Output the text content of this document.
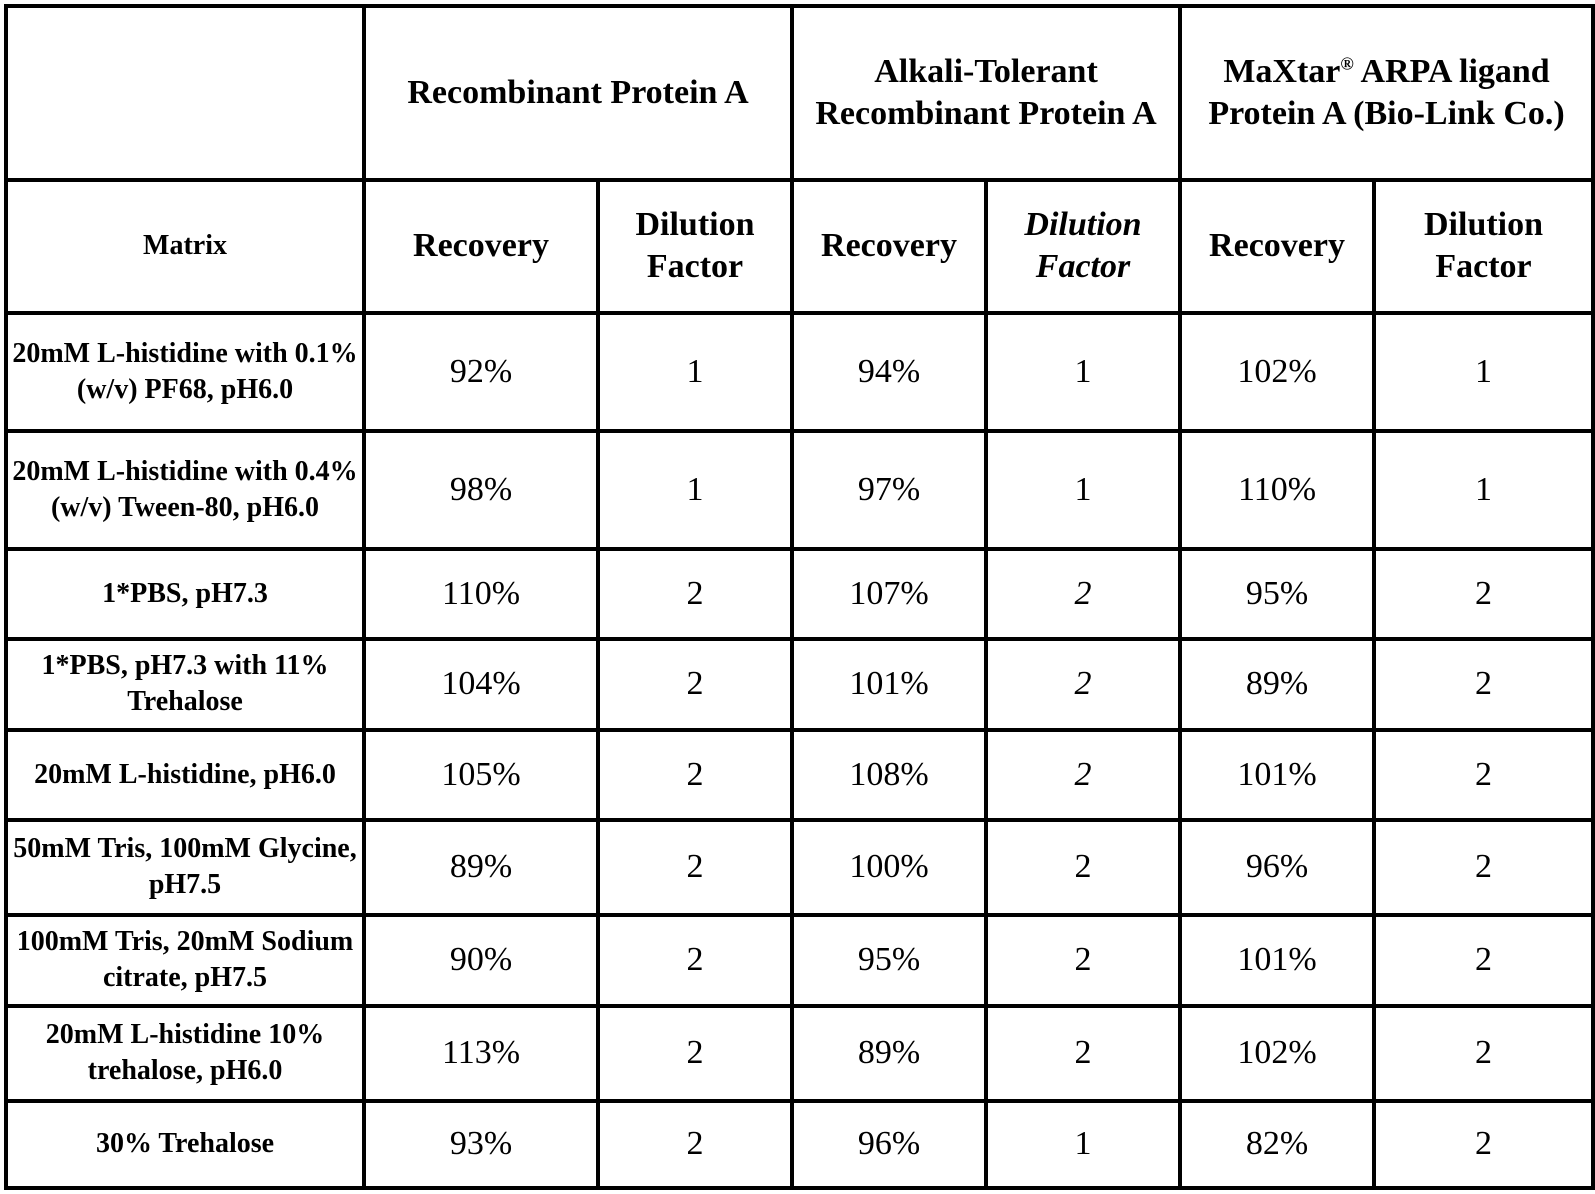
	Recombinant Protein A		Alkali-Tolerant Recombinant Protein A		MaXtar® ARPA ligand Protein A (Bio-Link Co.)	
Matrix	Recovery	Dilution Factor	Recovery	Dilution Factor	Recovery	Dilution Factor
20mM L-histidine with 0.1% (w/v) PF68, pH6.0	92%	1	94%	1	102%	1
20mM L-histidine with 0.4% (w/v) Tween-80, pH6.0	98%	1	97%	1	110%	1
1*PBS, pH7.3	110%	2	107%	2	95%	2
1*PBS, pH7.3 with 11% Trehalose	104%	2	101%	2	89%	2
20mM L-histidine, pH6.0	105%	2	108%	2	101%	2
50mM Tris, 100mM Glycine, pH7.5	89%	2	100%	2	96%	2
100mM Tris, 20mM Sodium citrate, pH7.5	90%	2	95%	2	101%	2
20mM L-histidine 10% trehalose, pH6.0	113%	2	89%	2	102%	2
30% Trehalose	93%	2	96%	1	82%	2
